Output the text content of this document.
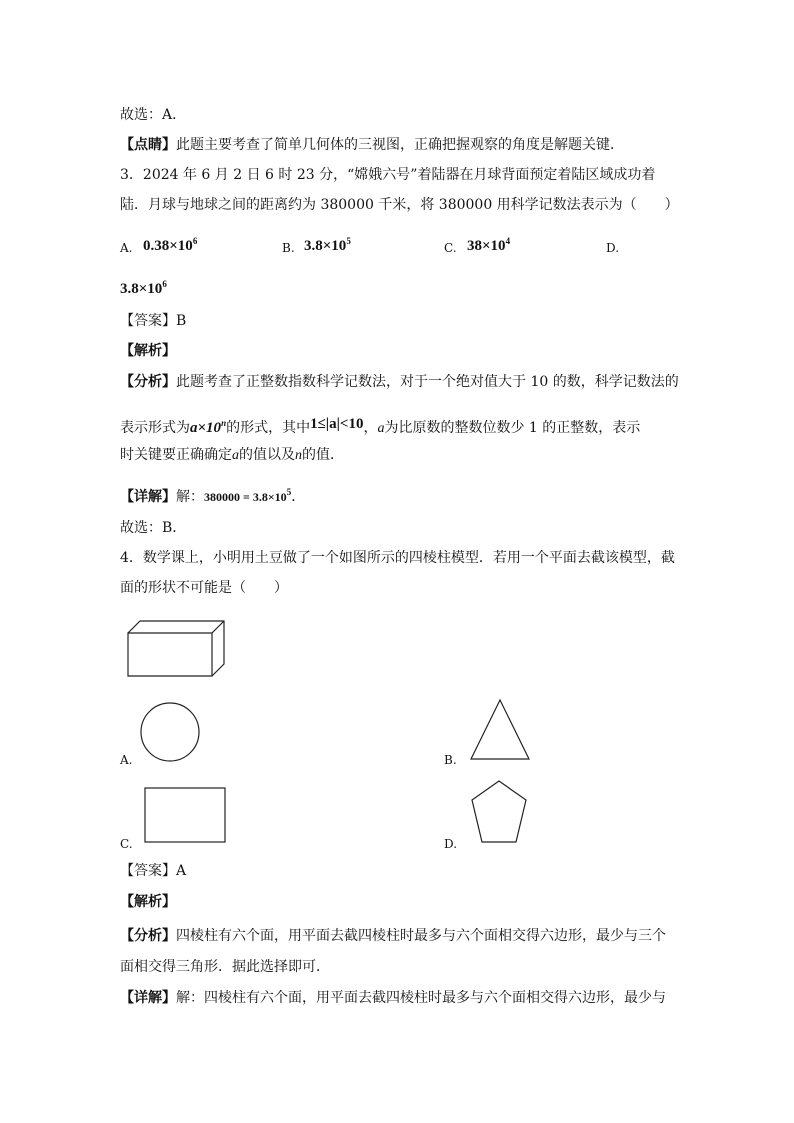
故选：A．
【点睛】此题主要考查了简单几何体的三视图，正确把握观察的角度是解题关键．
3．2024 年 6 月 2 日 6 时 23 分，“嫦娥六号”着陆器在月球背面预定着陆区域成功着
陆．月球与地球之间的距离约为 380000 千米，将 380000 用科学记数法表示为（　　）
A. $0.38\times 10^6$	B. $3.8\times 10^5$	C. $38\times 10^4$	D.
$3.8\times 10^6$
【答案】B
【解析】
【分析】此题考查了正整数指数科学记数法，对于一个绝对值大于 10 的数，科学记数法的
表示形式为$a\times 10^n$的形式，其中1≤|a|<10，a为比原数的整数位数少 1 的正整数，表示
时关键要正确确定a的值以及n的值．
【详解】解：$380000 = 3.8\times 10^5$．
故选：B．
4．数学课上，小明用土豆做了一个如图所示的四棱柱模型．若用一个平面去截该模型，截
面的形状不可能是（　　）
A.	B.
C.	D.
【答案】A
【解析】
【分析】四棱柱有六个面，用平面去截四棱柱时最多与六个面相交得六边形，最少与三个
面相交得三角形．据此选择即可．
【详解】解：四棱柱有六个面，用平面去截四棱柱时最多与六个面相交得六边形，最少与
